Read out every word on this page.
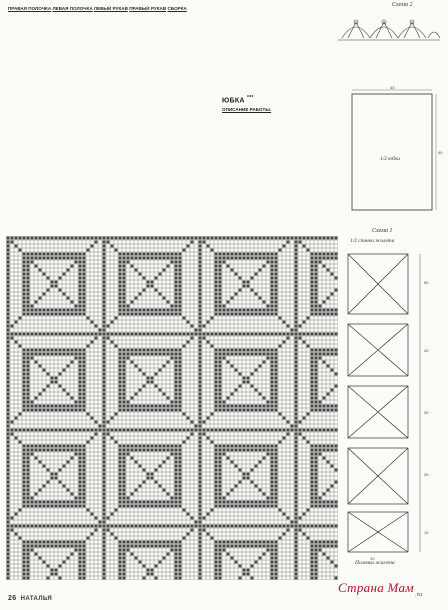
ПРАВАЯ ПОЛОЧКА ЛЕВАЯ ПОЛОЧКА ЛЕВЫЙ РУКАВ ПРАВЫЙ РУКАВ СБОРКА
ЮБКА ***
ОПИСАНИЕ РАБОТЫ.
Схема 2
40
40
1/2 юбки
Схема 1
1/2 спинки жилета
50
40
30
20
10
10
Полочка жилета
26 НАТАЛЬЯ
Страна Мам$_{.ru}$
